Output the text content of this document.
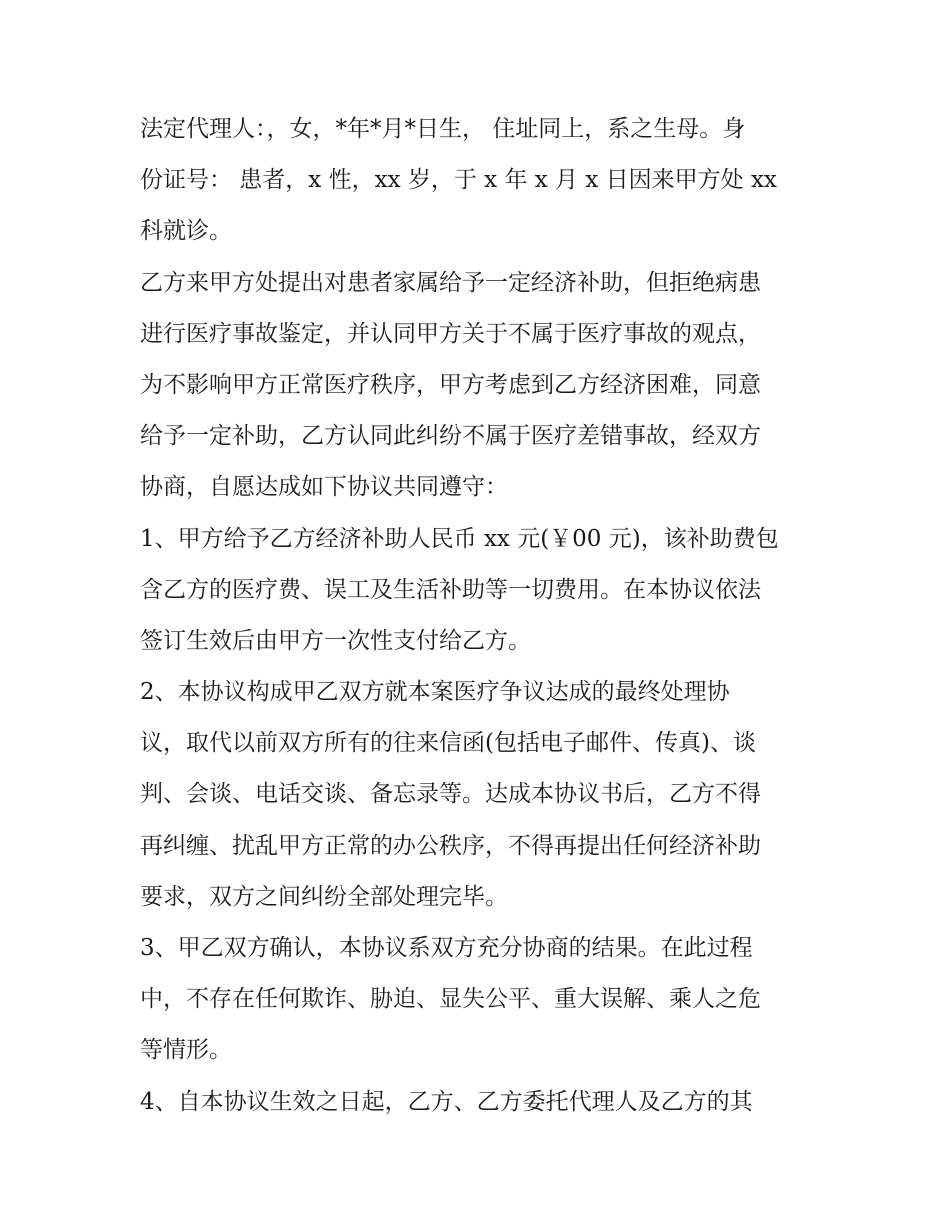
法定代理人：，女，*年*月*日生， 住址同上，系之生母。身
份证号： 患者，x 性，xx 岁，于 x 年 x 月 x 日因来甲方处 xx
科就诊。
乙方来甲方处提出对患者家属给予一定经济补助，但拒绝病患
进行医疗事故鉴定，并认同甲方关于不属于医疗事故的观点，
为不影响甲方正常医疗秩序，甲方考虑到乙方经济困难，同意
给予一定补助，乙方认同此纠纷不属于医疗差错事故，经双方
协商，自愿达成如下协议共同遵守：
1、甲方给予乙方经济补助人民币 xx 元(￥00 元)，该补助费包
含乙方的医疗费、误工及生活补助等一切费用。在本协议依法
签订生效后由甲方一次性支付给乙方。
2、本协议构成甲乙双方就本案医疗争议达成的最终处理协
议，取代以前双方所有的往来信函(包括电子邮件、传真)、谈
判、会谈、电话交谈、备忘录等。达成本协议书后，乙方不得
再纠缠、扰乱甲方正常的办公秩序，不得再提出任何经济补助
要求，双方之间纠纷全部处理完毕。
3、甲乙双方确认，本协议系双方充分协商的结果。在此过程
中，不存在任何欺诈、胁迫、显失公平、重大误解、乘人之危
等情形。
4、自本协议生效之日起，乙方、乙方委托代理人及乙方的其
